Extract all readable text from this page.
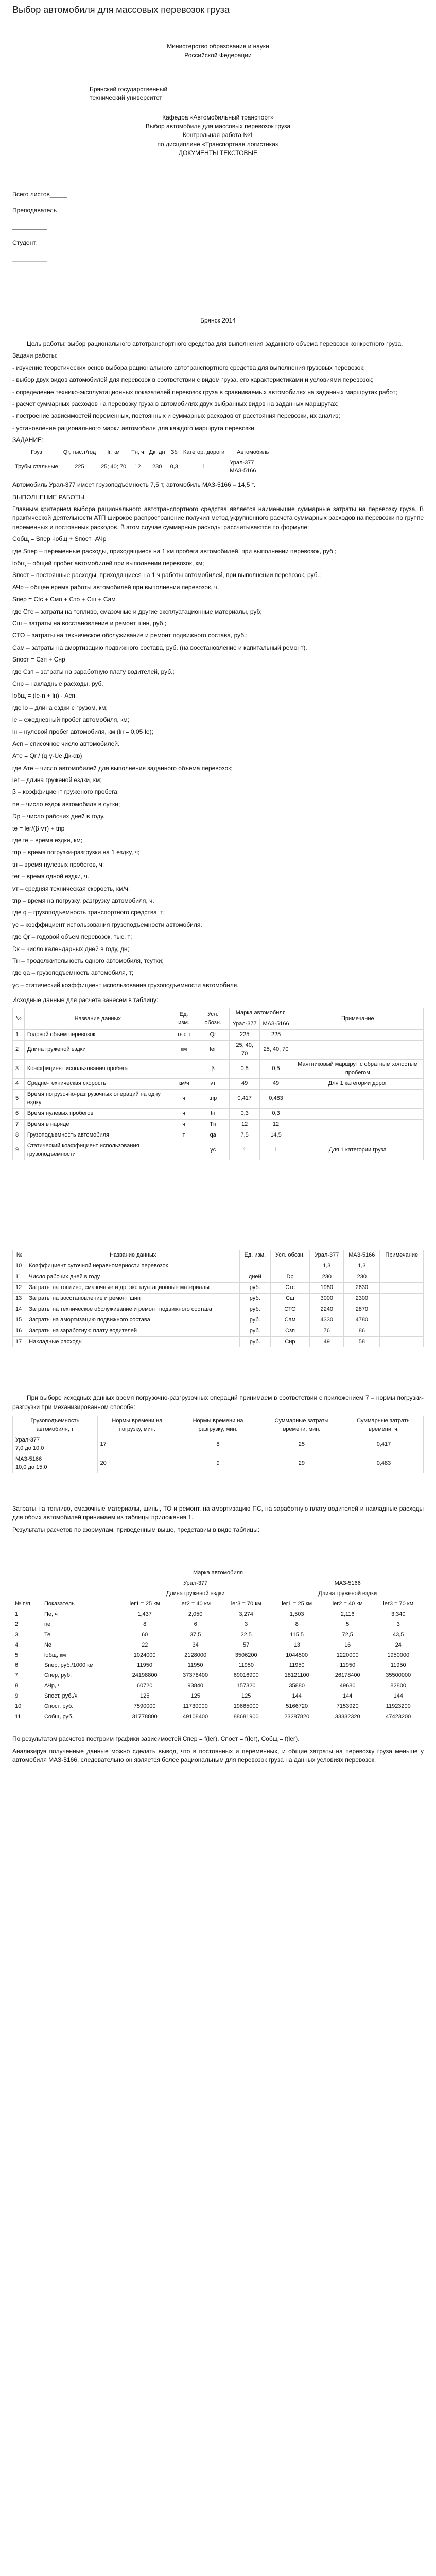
Выбор автомобиля для массовых перевозок груза
Министерство образования и науки
Российской Федерации
Брянский государственный
технический университет
Кафедра «Автомобильный транспорт»
Выбор автомобиля для массовых перевозок груза
Контрольная работа №1
по дисциплине «Транспортная логистика»
ДОКУМЕНТЫ ТЕКСТОВЫЕ
Всего листов_____
Преподаватель
__________
Студент:
__________
Брянск 2014

Цель работы: выбор рационального автотранспортного средства для выполнения заданного объема перевозок конкретного груза.

Задачи работы:

- изучение теоретических основ выбора рационального автотранспортного средства для выполнения грузовых перевозок;

- выбор двух видов автомобилей для перевозок в соответствии с видом груза, его характеристиками и условиями перевозок;

- определение технико-эксплуатационных показателей перевозок груза в сравниваемых автомобилях на заданных маршрутах работ;

- расчет суммарных расходов на перевозку груза в автомобилях двух выбранных видов на заданных маршрутах;

- построение зависимостей переменных, постоянных и суммарных расходов от расстояния перевозки, их анализ;

- установление рационального марки автомобиля для каждого маршрута перевозки.

ЗАДАНИЕ:

Груз	Qr, тыс.т/год	lr, км	Тн, ч	Дк, дн	Зб	Категор. дороги	Автомобиль
Трубы стальные	225	25; 40; 70	12	230	0,3	1	Урал-377 МАЗ-5166

Автомобиль Урал-377 имеет грузоподъемность 7,5 т, автомобиль МАЗ-5166 – 14,5 т.

ВЫПОЛНЕНИЕ РАБОТЫ

Главным критерием выбора рационального автотранспортного средства является наименьшие суммарные затраты на перевозку груза. В практической деятельности АТП широкое распространение получил метод укрупненного расчета суммарных расходов на перевозки по группе переменных и постоянных расходов. В этом случае суммарные расходы рассчитываются по формуле:

Собщ = Sпер ·lобщ + Sпост ·АЧр

где Sпер – переменные расходы, приходящиеся на 1 км пробега автомобилей, при выполнении перевозок, руб.;

lобщ – общий пробег автомобилей при выполнении перевозок, км;

Sпост – постоянные расходы, приходящиеся на 1 ч работы автомобилей, при выполнении перевозок, руб.;

АЧр – общее время работы автомобилей при выполнении перевозок, ч.

Sпер = Сtc + Смо + Сто + Сш + Сам

где Стс – затраты на топливо, смазочные и другие эксплуатационные материалы, руб;

Сш – затраты на восстановление и ремонт шин, руб.;

СТО – затраты на техническое обслуживание и ремонт подвижного состава, руб.;

Сам – затраты на амортизацию подвижного состава, руб. (на восстановление и капитальный ремонт).

Sпост = Сзп + Снр

где Сзп – затраты на заработную плату водителей, руб.;

Снр – накладные расходы, руб.

lобщ = (lе·n + lн) · Асп

где lо – длина ездки с грузом, км;

lе – ежедневный пробег автомобиля, км;

lн – нулевой пробег автомобиля, км (lн = 0,05·lе);

Асп – списочное число автомобилей.

Ате = Qr / (q·γ·Uе·Дк·αв)

где Ате – число автомобилей для выполнения заданного объема перевозок;

lег – длина груженой ездки, км;

β – коэффициент груженого пробега;

ne – число ездок автомобиля в сутки;

Dp – число рабочих дней в году.

tе = lег/(β·vт) + tпр

где tе – время ездки, км;

tпр – время погрузки-разгрузки на 1 ездку, ч;

tн – время нулевых пробегов, ч;

tег – время одной ездки, ч.

vт – средняя техническая скорость, км/ч;

tпр – время на погрузку, разгрузку автомобиля, ч.

где q – грузоподъемность транспортного средства, т;

γс – коэффициент использования грузоподъемности автомобиля.

где Qr – годовой объем перевозок, тыс. т;

Dк – число календарных дней в году, дн;

Тн – продолжительность одного автомобиля, тсутки;

где qа – грузоподъемность автомобиля, т;

γс – статический коэффициент использования грузоподъемности автомобиля.

Исходные данные для расчета занесем в таблицу:

№	Название данных	Ед. изм.	Усл. обозн.	Марка автомобиля		Примечание
				Урал-377	МАЗ-5166	
1	Годовой объем перевозок	тыс.т	Qr	225	225	
2	Длина груженой ездки	км	lег	25, 40, 70	25, 40, 70	
3	Коэффициент использования пробега		β	0,5	0,5	Маятниковый маршрут с обратным холостым пробегом
4	Средне-техническая скорость	км/ч	vт	49	49	Для 1 категории дорог
5	Время погрузочно-разгрузочных операций на одну ездку	ч	tпр	0,417	0,483	
6	Время нулевых пробегов	ч	tн	0,3	0,3	
7	Время в наряде	ч	Тн	12	12	
8	Грузоподъемность автомобиля	т	qа	7,5	14,5	
9	Статический коэффициент использования грузоподъемности		γс	1	1	Для 1 категории груза

№	Название данных	Ед. изм.	Усл. обозн.	Урал-377	МАЗ-5166	Примечание
10	Коэффициент суточной неравномерности перевозок			1,3	1,3	
11	Число рабочих дней в году	дней	Dр	230	230	
12	Затраты на топливо, смазочные и др. эксплуатационные материалы	руб.	Стс	1980	2630	
13	Затраты на восстановление и ремонт шин	руб.	Сш	3000	2300	
14	Затраты на техническое обслуживание и ремонт подвижного состава	руб.	СТО	2240	2870	
15	Затраты на амортизацию подвижного состава	руб.	Сам	4330	4780	
16	Затраты на заработную плату водителей	руб.	Сзп	76	86	
17	Накладные расходы	руб.	Снр	49	58	

При выборе исходных данных время погрузочно-разгрузочных операций принимаем в соответствии с приложением 7 – нормы погрузки-разгрузки при механизированном способе:

Грузоподъемность автомобиля, т	Нормы времени на погрузку, мин.	Нормы времени на разгрузку, мин.	Суммарные затраты времени, мин.	Суммарные затраты времени, ч.
Урал-377
7,0 до 10,0	17	8	25	0,417
МАЗ-5166
10,0 до 15,0	20	9	29	0,483

Затраты на топливо, смазочные материалы, шины, ТО и ремонт, на амортизацию ПС, на заработную плату водителей и накладные расходы для обоих автомобилей принимаем из таблицы приложения 1.

Результаты расчетов по формулам, приведенным выше, представим в виде таблицы:

Марка автомобиля							
		Урал-377			МАЗ-5166		
		Длина груженой ездки			Длина груженой ездки		
№ п/п	Показатель	lег1 = 25 км	lег2 = 40 км	lег3 = 70 км	lег1 = 25 км	lег2 = 40 км	lег3 = 70 км
1	Пе, ч	1,437	2,050	3,274	1,503	2,116	3,340
2	nе	8	6	3	8	5	3
3	Те	60	37,5	22,5	115,5	72,5	43,5
4	Nе	22	34	57	13	16	24
5	lобщ, км	1024000	2128000	3506200	1044500	1220000	1950000
6	Sпер, руб./1000 км	11950	11950	11950	11950	11950	11950
7	Спер, руб.	24198800	37378400	69016900	18121100	26178400	35500000
8	АЧр, ч	60720	93840	157320	35880	49680	82800
9	Sпост, руб./ч	125	125	125	144	144	144
10	Спост, руб.	7590000	11730000	19665000	5166720	7153920	11923200
11	Собщ, руб.	31778800	49108400	88681900	23287820	33332320	47423200

По результатам расчетов построим графики зависимостей Спер = f(lег), Спост = f(lег), Собщ = f(lег).

Анализируя полученные данные можно сделать вывод, что в постоянных и переменных, и общие затраты на перевозку груза меньше у автомобиля МАЗ-5166, следовательно он является более рациональным для перевозок груза на данных условиях перевозок.
